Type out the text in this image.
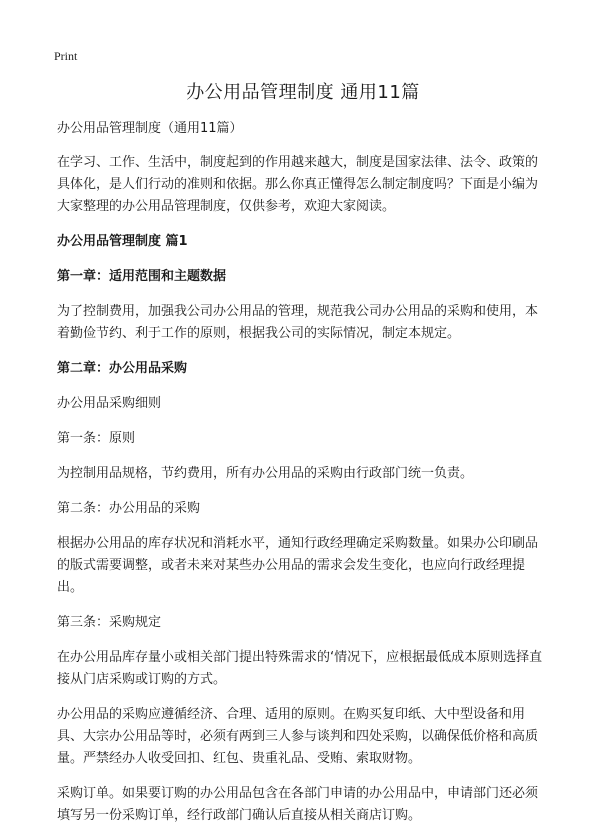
Print
办公用品管理制度 通用11篇

办公用品管理制度（通用11篇）

在学习、工作、生活中，制度起到的作用越来越大，制度是国家法律、法令、政策的具体化，是人们行动的准则和依据。那么你真正懂得怎么制定制度吗？下面是小编为大家整理的办公用品管理制度，仅供参考，欢迎大家阅读。

办公用品管理制度 篇1

第一章：适用范围和主题数据

为了控制费用，加强我公司办公用品的管理，规范我公司办公用品的采购和使用，本着勤俭节约、利于工作的原则，根据我公司的实际情况，制定本规定。

第二章：办公用品采购

办公用品采购细则

第一条：原则

为控制用品规格，节约费用，所有办公用品的采购由行政部门统一负责。

第二条：办公用品的采购

根据办公用品的库存状况和消耗水平，通知行政经理确定采购数量。如果办公印刷品的版式需要调整，或者未来对某些办公用品的需求会发生变化，也应向行政经理提出。

第三条：采购规定

在办公用品库存量小或相关部门提出特殊需求的‘情况下，应根据最低成本原则选择直接从门店采购或订购的方式。

办公用品的采购应遵循经济、合理、适用的原则。在购买复印纸、大中型设备和用具、大宗办公用品等时，必须有两到三人参与谈判和四处采购，以确保低价格和高质量。严禁经办人收受回扣、红包、贵重礼品、受贿、索取财物。

采购订单。如果要订购的办公用品包含在各部门申请的办公用品中，申请部门还必须填写另一份采购订单，经行政部门确认后直接从相关商店订购。
